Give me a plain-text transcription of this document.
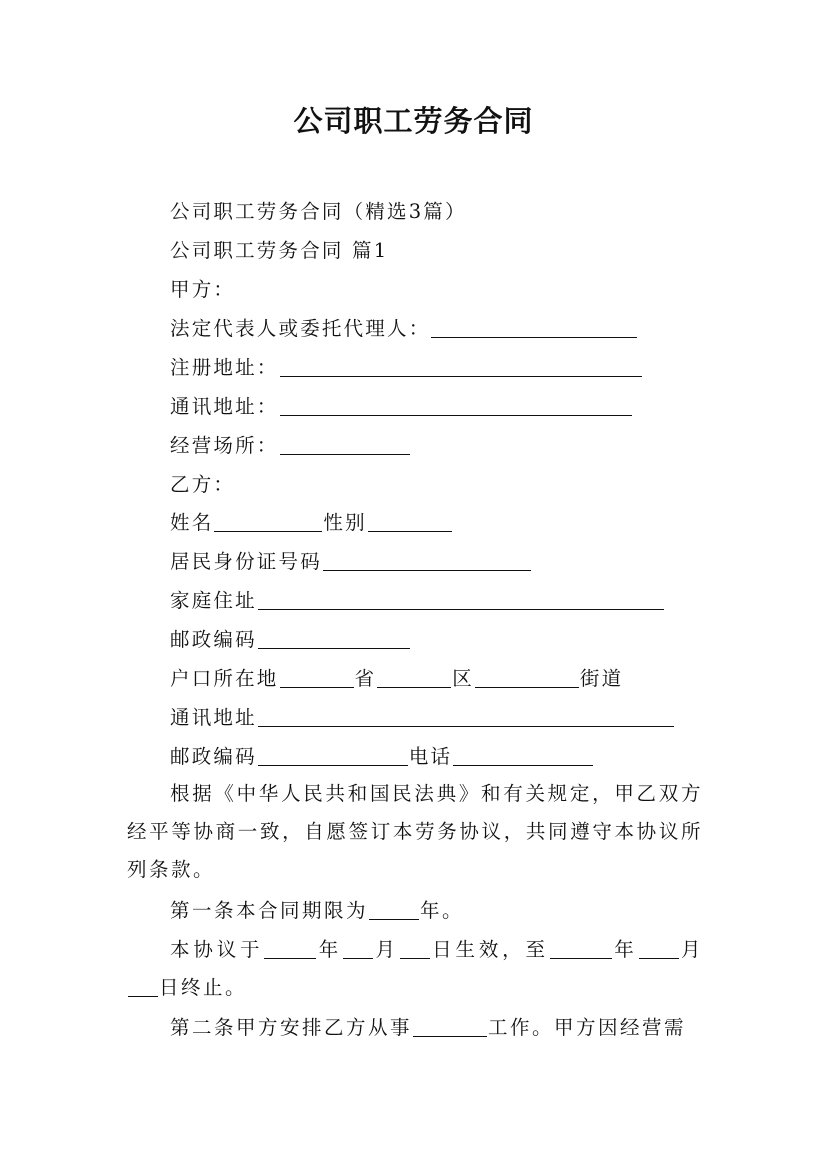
公司职工劳务合同
公司职工劳务合同（精选3篇）
公司职工劳务合同 篇1
甲方：
法定代表人或委托代理人：
注册地址：
通讯地址：
经营场所：
乙方：
姓名	性别
居民身份证号码
家庭住址
邮政编码
户口所在地	省	区	街道
通讯地址
邮政编码	电话

根据《中华人民共和国民法典》和有关规定，甲乙双方经平等协商一致，自愿签订本劳务协议，共同遵守本协议所列条款。

第一条本合同期限为	年。

本协议于	年 月 日生效，至	年 月日终止。

第二条甲方安排乙方从事	工作。甲方因经营需
